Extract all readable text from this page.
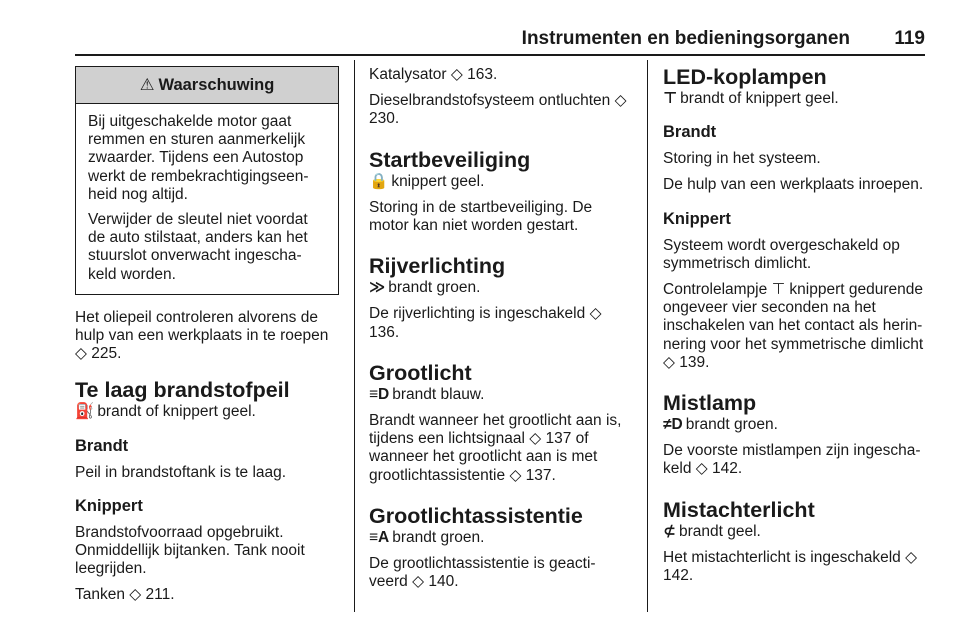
Instrumenten en bedieningsorganen 119
⚠ Waarschuwing

Bij uitgeschakelde motor gaat remmen en sturen aanmerkelijk zwaarder. Tijdens een Autostop werkt de rembekrachtigingseen-heid nog altijd.

Verwijder de sleutel niet voordat de auto stilstaat, anders kan het stuurslot onverwacht ingescha-keld worden.

Het oliepeil controleren alvorens de hulp van een werkplaats in te roepen ◇ 225.

Te laag brandstofpeil

⛽ brandt of knippert geel.

Brandt

Peil in brandstoftank is te laag.

Knippert

Brandstofvoorraad opgebruikt. Onmiddellijk bijtanken. Tank nooit leegrijden.

Tanken ◇ 211.

Katalysator ◇ 163.

Dieselbrandstofsysteem ontluchten ◇ 230.

Startbeveiliging

🔒 knippert geel.

Storing in de startbeveiliging. De motor kan niet worden gestart.

Rijverlichting

≫ brandt groen.

De rijverlichting is ingeschakeld ◇ 136.

Grootlicht

≡D brandt blauw.

Brandt wanneer het grootlicht aan is, tijdens een lichtsignaal ◇ 137 of wanneer het grootlicht aan is met grootlichtassistentie ◇ 137.

Grootlichtassistentie

≡A brandt groen.

De grootlichtassistentie is geacti-veerd ◇ 140.

LED-koplampen

⊤ brandt of knippert geel.

Brandt

Storing in het systeem.

De hulp van een werkplaats inroepen.

Knippert

Systeem wordt overgeschakeld op symmetrisch dimlicht.

Controlelampje ⊤ knippert gedurende ongeveer vier seconden na het inschakelen van het contact als herin-nering voor het symmetrische dimlicht ◇ 139.

Mistlamp

≠D brandt groen.

De voorste mistlampen zijn ingescha-keld ◇ 142.

Mistachterlicht

⊄ brandt geel.

Het mistachterlicht is ingeschakeld ◇ 142.
